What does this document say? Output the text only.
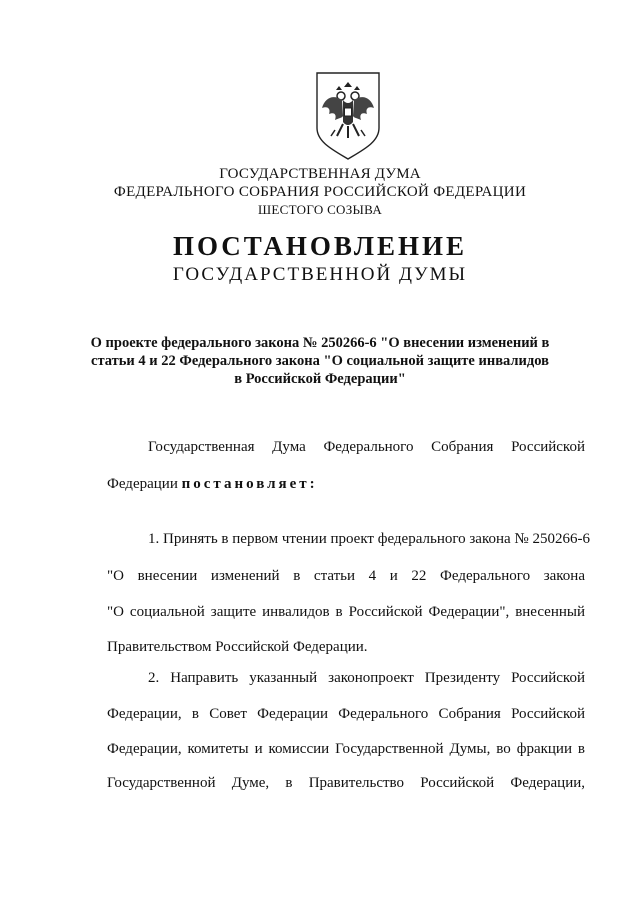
ГОСУДАРСТВЕННАЯ ДУМА
ФЕДЕРАЛЬНОГО СОБРАНИЯ РОССИЙСКОЙ ФЕДЕРАЦИИ
ШЕСТОГО СОЗЫВА
ПОСТАНОВЛЕНИЕ
ГОСУДАРСТВЕННОЙ ДУМЫ
О проекте федерального закона № 250266-6 "О внесении изменений в
статьи 4 и 22 Федерального закона "О социальной защите инвалидов
в Российской Федерации"
Государственная Дума Федерального Собрания Российской
Федерации постановляет:
1. Принять в первом чтении проект федерального закона № 250266-6
"О внесении изменений в статьи 4 и 22 Федерального закона
"О социальной защите инвалидов в Российской Федерации", внесенный
Правительством Российской Федерации.
2. Направить указанный законопроект Президенту Российской
Федерации, в Совет Федерации Федерального Собрания Российской
Федерации, комитеты и комиссии Государственной Думы, во фракции в
Государственной Думе, в Правительство Российской Федерации,
